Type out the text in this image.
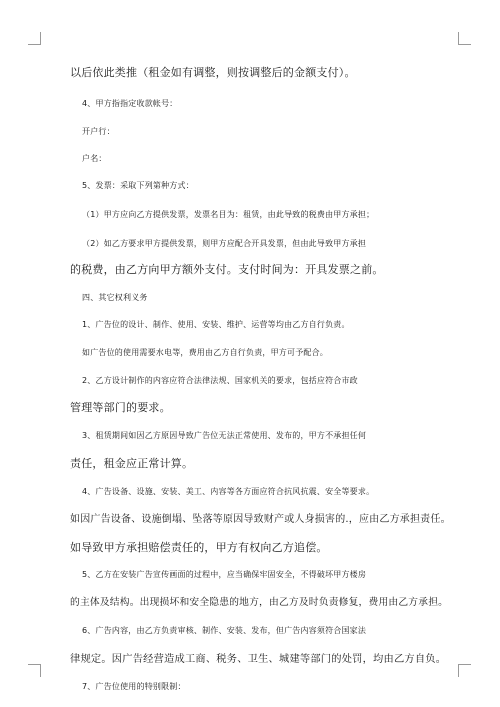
以后依此类推（租金如有调整，则按调整后的金额支付）。
4、甲方指指定收款帐号：
开户行：
户名：
5、发票：采取下列第种方式：
（1）甲方应向乙方提供发票，发票名目为：租赁，由此导致的税费由甲方承担；
（2）如乙方要求甲方提供发票，则甲方应配合开具发票，但由此导致甲方承担
的税费，由乙方向甲方额外支付。支付时间为：开具发票之前。
四、其它权利义务
1、广告位的设计、制作、使用、安装、维护、运营等均由乙方自行负责。
如广告位的使用需要水电等，费用由乙方自行负责，甲方可予配合。
2、乙方设计制作的内容应符合法律法规、国家机关的要求，包括应符合市政
管理等部门的要求。
3、租赁期间如因乙方原因导致广告位无法正常使用、发布的，甲方不承担任何
责任，租金应正常计算。
4、广告设备、设施、安装、美工、内容等各方面应符合抗风抗震、安全等要求。
如因广告设备、设施倒塌、坠落等原因导致财产或人身损害的.，应由乙方承担责任。
如导致甲方承担赔偿责任的，甲方有权向乙方追偿。
5、乙方在安装广告宣传画面的过程中，应当确保牢固安全，不得破坏甲方楼房
的主体及结构。出现损坏和安全隐患的地方，由乙方及时负责修复，费用由乙方承担。
6、广告内容，由乙方负责审核、制作、安装、发布，但广告内容须符合国家法
律规定。因广告经营造成工商、税务、卫生、城建等部门的处罚，均由乙方自负。
7、广告位使用的特别限制：
